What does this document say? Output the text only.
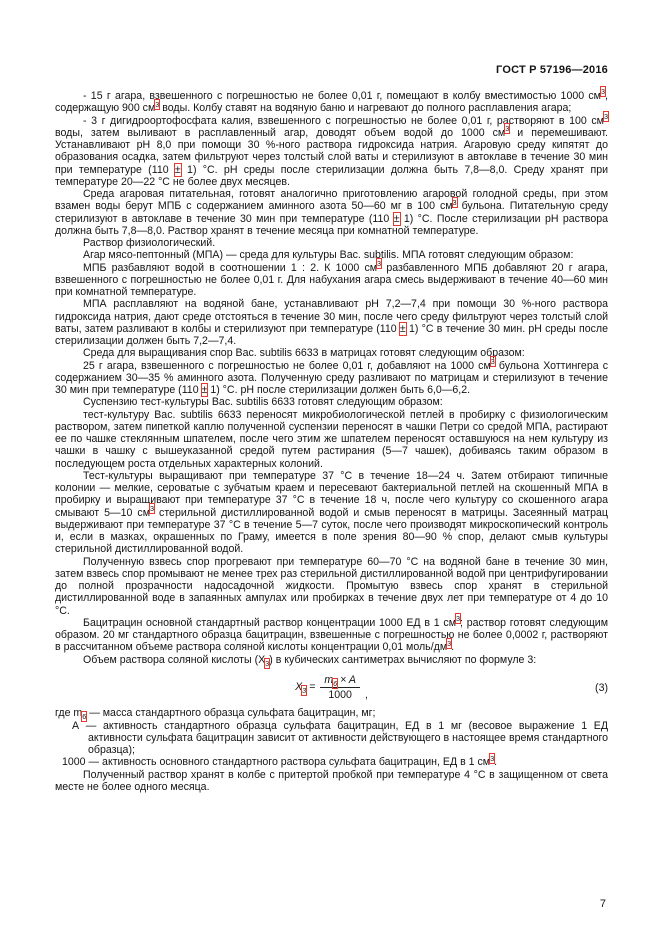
ГОСТ Р 57196—2016

- 15 г агара, взвешенного с погрешностью не более 0,01 г, помещают в колбу вместимостью 1000 $см^3$, содержащую 900 $см^3$ воды. Колбу ставят на водяную баню и нагревают до полного расплавления агара;

- 3 г дигидроортофосфата калия, взвешенного с погрешностью не более 0,01 г, растворяют в 100 $см^3$ воды, затем выливают в расплавленный агар, доводят объем водой до 1000 $см^3$ и перемешивают. Устанавливают pH 8,0 при помощи 30 %-ного раствора гидроксида натрия. Агаровую среду кипятят до образования осадка, затем фильтруют через толстый слой ваты и стерилизуют в автоклаве в течение 30 мин при температуре (110 ± 1) °С. pH среды после стерилизации должна быть 7,8—8,0. Среду хранят при температуре 20—22 °С не более двух месяцев.

Среда агаровая питательная, готовят аналогично приготовлению агаровой голодной среды, при этом взамен воды берут МПБ с содержанием аминного азота 50—60 мг в 100 $см^3$ бульона. Питательную среду стерилизуют в автоклаве в течение 30 мин при температуре (110 ± 1) °С. После стерилизации pH раствора должна быть 7,8—8,0. Раствор хранят в течение месяца при комнатной температуре.

Раствор физиологический.

Агар мясо-пептонный (МПА) — среда для культуры Bac. subtilis. МПА готовят следующим образом:

МПБ разбавляют водой в соотношении 1 : 2. К 1000 $см^3$ разбавленного МПБ добавляют 20 г агара, взвешенного с погрешностью не более 0,01 г. Для набухания агара смесь выдерживают в течение 40—60 мин при комнатной температуре.

МПА расплавляют на водяной бане, устанавливают pH 7,2—7,4 при помощи 30 %-ного раствора гидроксида натрия, дают среде отстояться в течение 30 мин, после чего среду фильтруют через толстый слой ваты, затем разливают в колбы и стерилизуют при температуре (110 ± 1) °С в течение 30 мин. pH среды после стерилизации должен быть 7,2—7,4.

Среда для выращивания спор Bac. subtilis 6633 в матрицах готовят следующим образом:

25 г агара, взвешенного с погрешностью не более 0,01 г, добавляют на 1000 $см^3$ бульона Хоттингера с содержанием 30—35 % аминного азота. Полученную среду разливают по матрицам и стерилизуют в течение 30 мин при температуре (110 ± 1) °С. pH после стерилизации должен быть 6,0—6,2.

Суспензию тест-культуры Bac. subtilis 6633 готовят следующим образом:

тест-культуру Bac. subtilis 6633 переносят микробиологической петлей в пробирку с физиологическим раствором, затем пипеткой каплю полученной суспензии переносят в чашки Петри со средой МПА, растирают ее по чашке стеклянным шпателем, после чего этим же шпателем переносят оставшуюся на нем культуру из чашки в чашку с вышеуказанной средой путем растирания (5—7 чашек), добиваясь таким образом в последующем роста отдельных характерных колоний.

Тест-культуры выращивают при температуре 37 °С в течение 18—24 ч. Затем отбирают типичные колонии — мелкие, сероватые с зубчатым краем и пересевают бактериальной петлей на скошенный МПА в пробирку и выращивают при температуре 37 °С в течение 18 ч, после чего культуру со скошенного агара смывают 5—10 $см^3$ стерильной дистиллированной водой и смыв переносят в матрицы. Засеянный матрац выдерживают при температуре 37 °С в течение 5—7 суток, после чего производят микроскопический контроль и, если в мазках, окрашенных по Граму, имеется в поле зрения 80—90 % спор, делают смыв культуры стерильной дистиллированной водой.

Полученную взвесь спор прогревают при температуре 60—70 °С на водяной бане в течение 30 мин, затем взвесь спор промывают не менее трех раз стерильной дистиллированной водой при центрифугировании до полной прозрачности надосадочной жидкости. Промытую взвесь спор хранят в стерильной дистиллированной воде в запаянных ампулах или пробирках в течение двух лет при температуре от 4 до 10 °С.

Бацитрацин основной стандартный раствор концентрации 1000 ЕД в 1 $см^3$; раствор готовят следующим образом. 20 мг стандартного образца бацитрацин, взвешенные с погрешностью не более 0,0002 г, растворяют в рассчитанном объеме раствора соляной кислоты концентрации 0,01 моль/$дм^3$.

Объем раствора соляной кислоты $(X_3)$ в кубических сантиметрах вычисляют по формуле 3:

$X_3 = \frac{m_6 \times A}{1000}$ ,
(3)

где $m_6$ — масса стандартного образца сульфата бацитрацин, мг;

А — активность стандартного образца сульфата бацитрацин, ЕД в 1 мг (весовое выражение 1 ЕД активности сульфата бацитрацин зависит от активности действующего в настоящее время стандартного образца);

1000 — активность основного стандартного раствора сульфата бацитрацин, ЕД в 1 $см^3$.

Полученный раствор хранят в колбе с притертой пробкой при температуре 4 °С в защищенном от света месте не более одного месяца.

7
